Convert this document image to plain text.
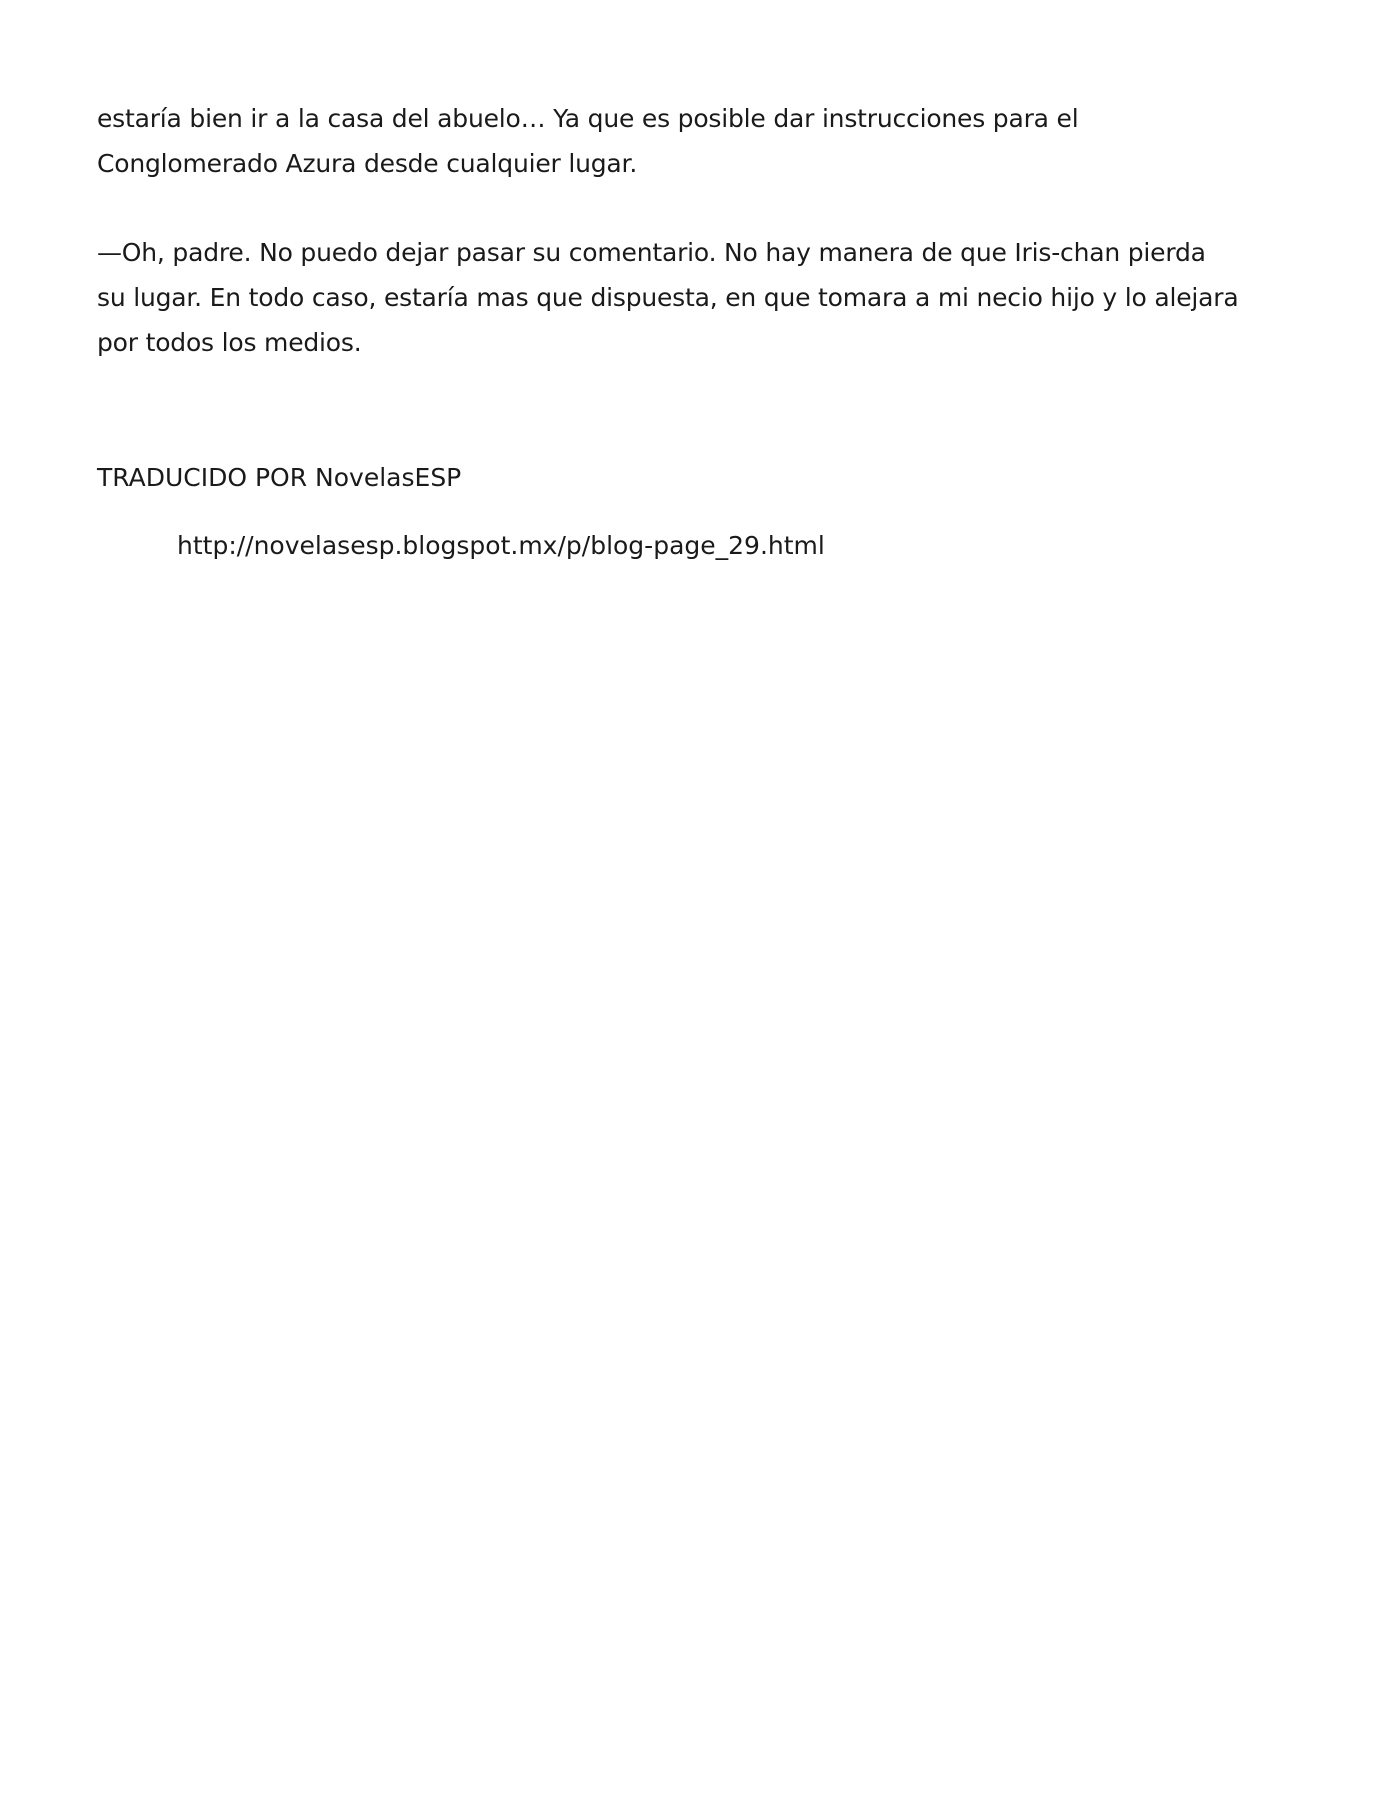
estaría bien ir a la casa del abuelo… Ya que es posible dar instrucciones para el

Conglomerado Azura desde cualquier lugar.

—Oh, padre. No puedo dejar pasar su comentario. No hay manera de que Iris-chan pierda

su lugar. En todo caso, estaría mas que dispuesta, en que tomara a mi necio hijo y lo alejara

por todos los medios.

TRADUCIDO POR NovelasESP
http://novelasesp.blogspot.mx/p/blog-page_29.html
